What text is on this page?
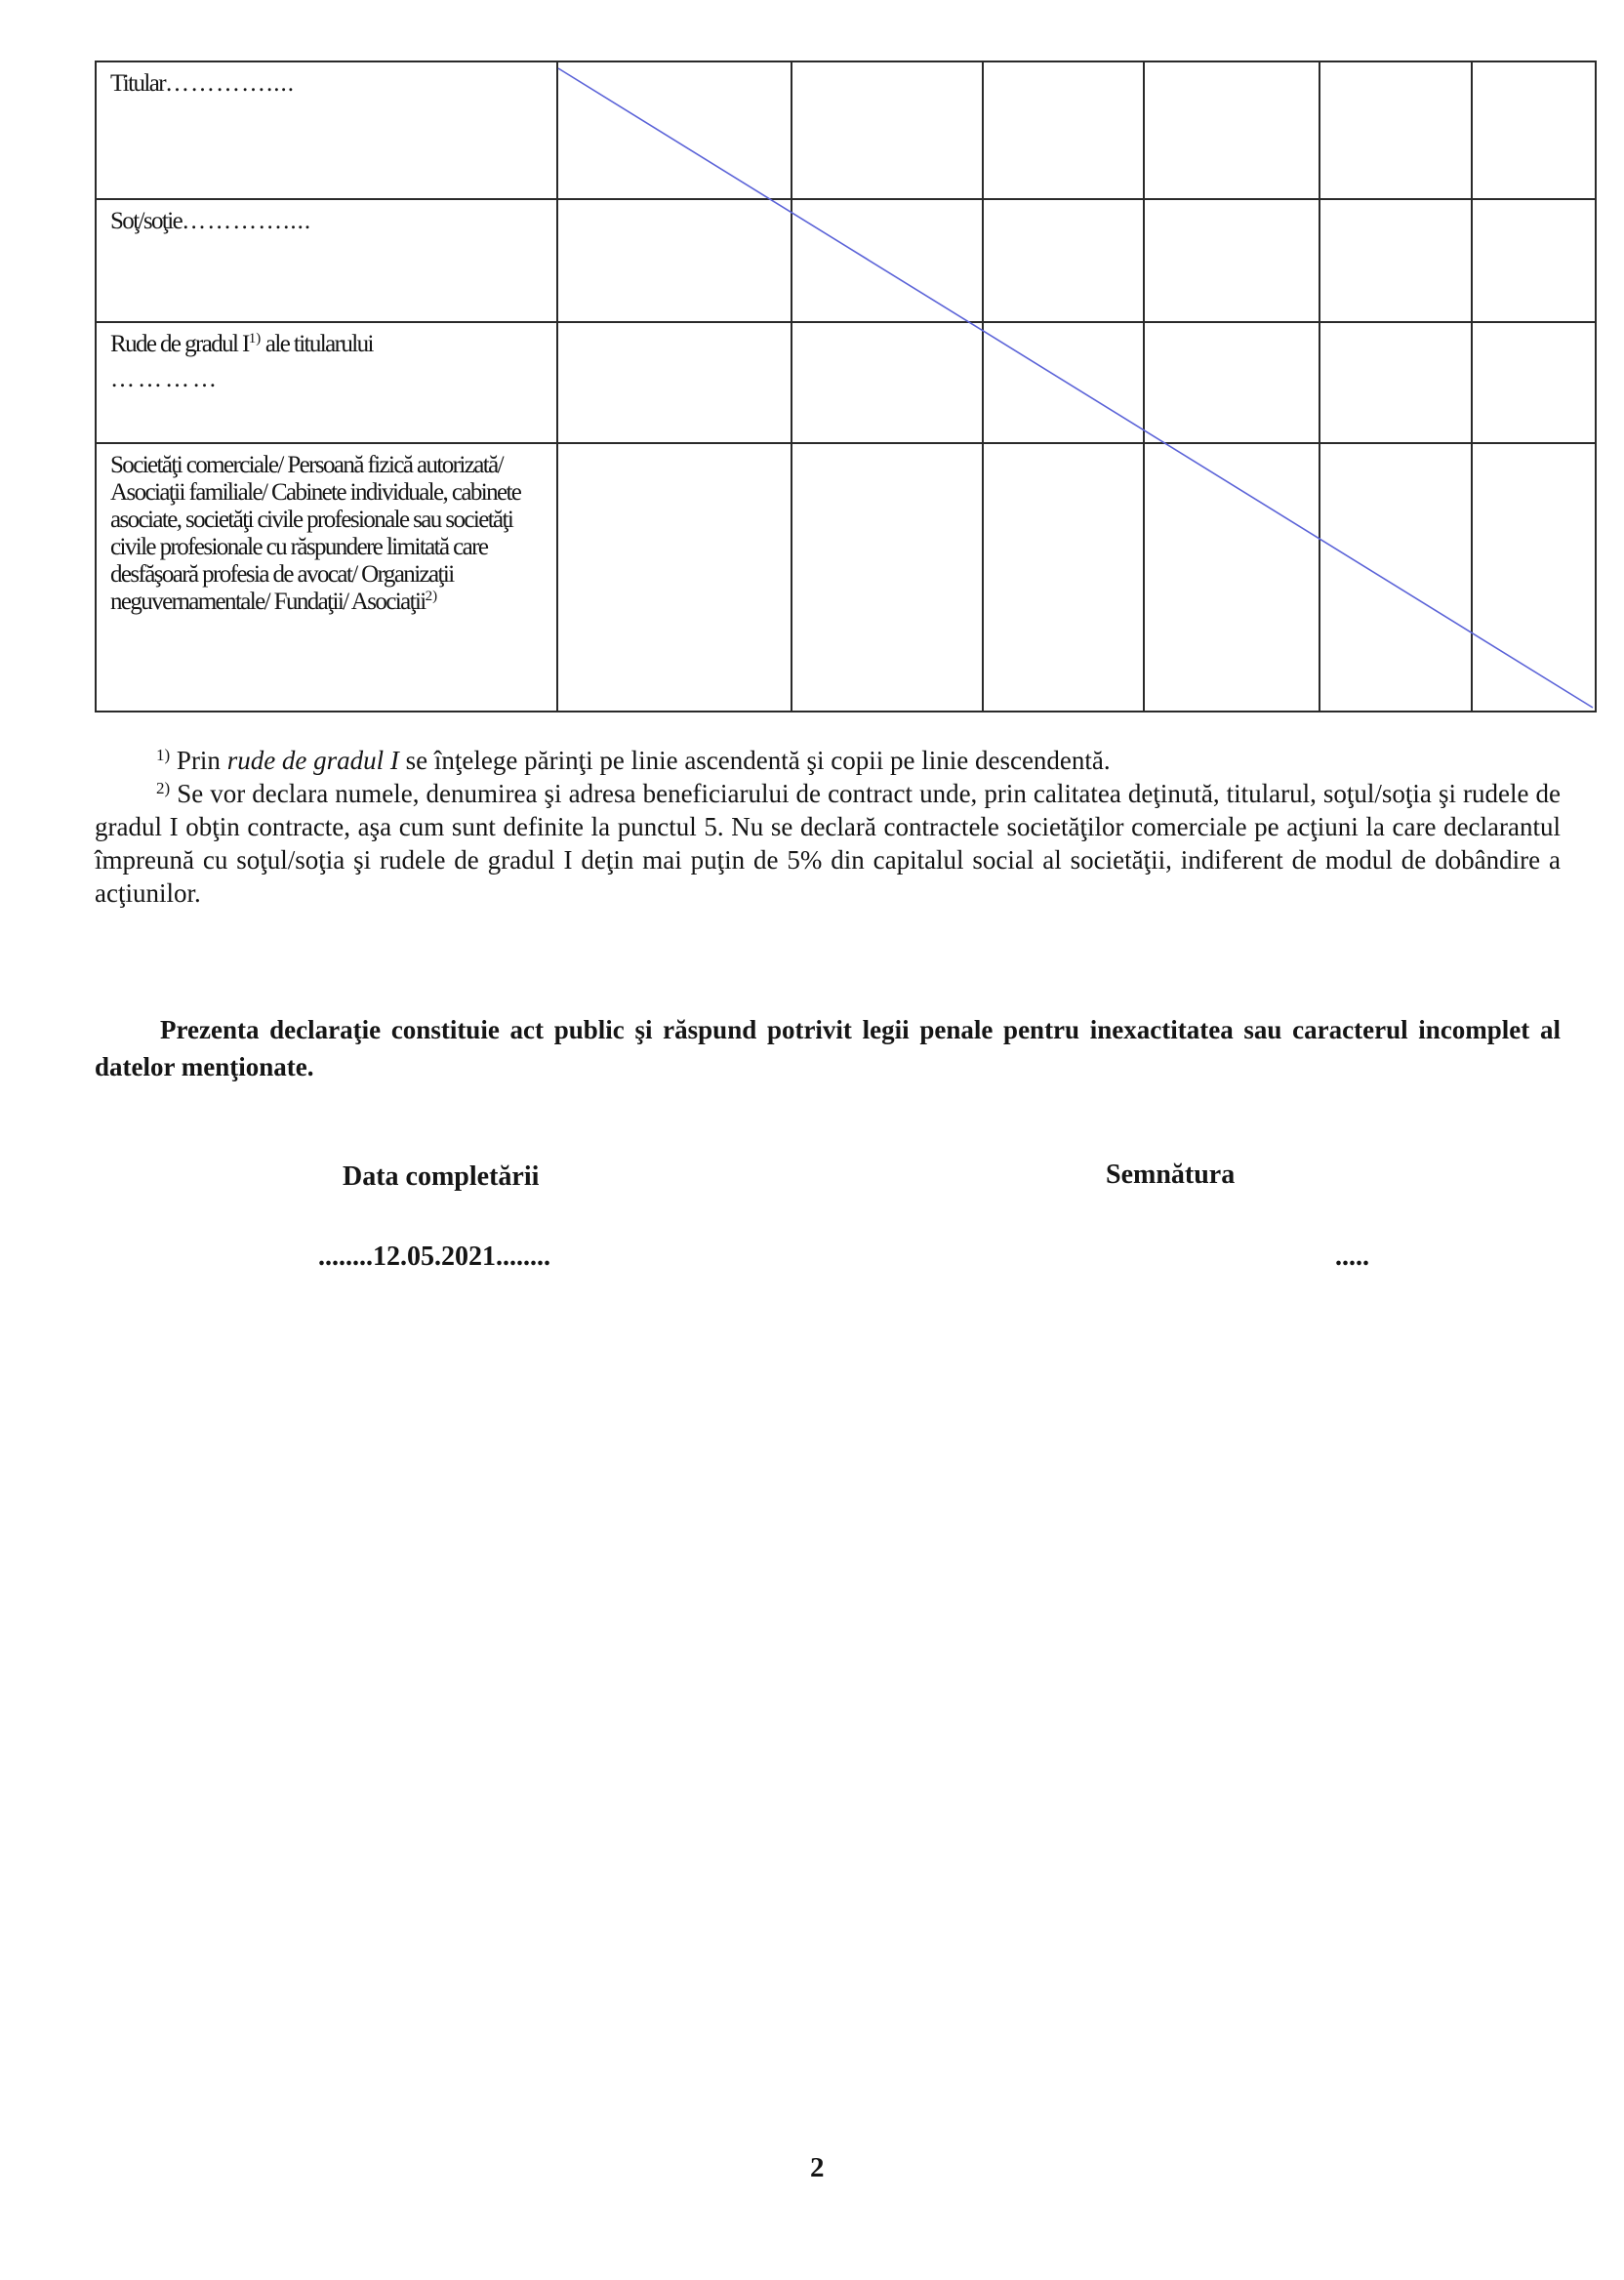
Titular…………....						
Soţ/soţie…………....						
Rude de gradul $I^{1)}$ ale titularului
…………						

Societăţi comerciale/ Persoană fizică autorizată/ Asociaţii familiale/ Cabinete individuale, cabinete asociate, societăţi civile profesionale sau societăţi civile profesionale cu răspundere limitată care desfăşoară profesia de avocat/ Organizaţii neguvernamentale/ Fundaţii/ Asociaţii$^{2)}$						

$^{1)}$ Prin rude de gradul I se înţelege părinţi pe linie ascendentă şi copii pe linie descendentă.

$^{2)}$ Se vor declara numele, denumirea şi adresa beneficiarului de contract unde, prin calitatea deţinută, titularul, soţul/soţia şi rudele de gradul I obţin contracte, aşa cum sunt definite la punctul 5. Nu se declară contractele societăţilor comerciale pe acţiuni la care declarantul împreună cu soţul/soţia şi rudele de gradul I deţin mai puţin de 5% din capitalul social al societăţii, indiferent de modul de dobândire a acţiunilor.

Prezenta declaraţie constituie act public şi răspund potrivit legii penale pentru inexactitatea sau caracterul incomplet al datelor menţionate.
Data completării	Semnătura
........12.05.2021........	.....
2
